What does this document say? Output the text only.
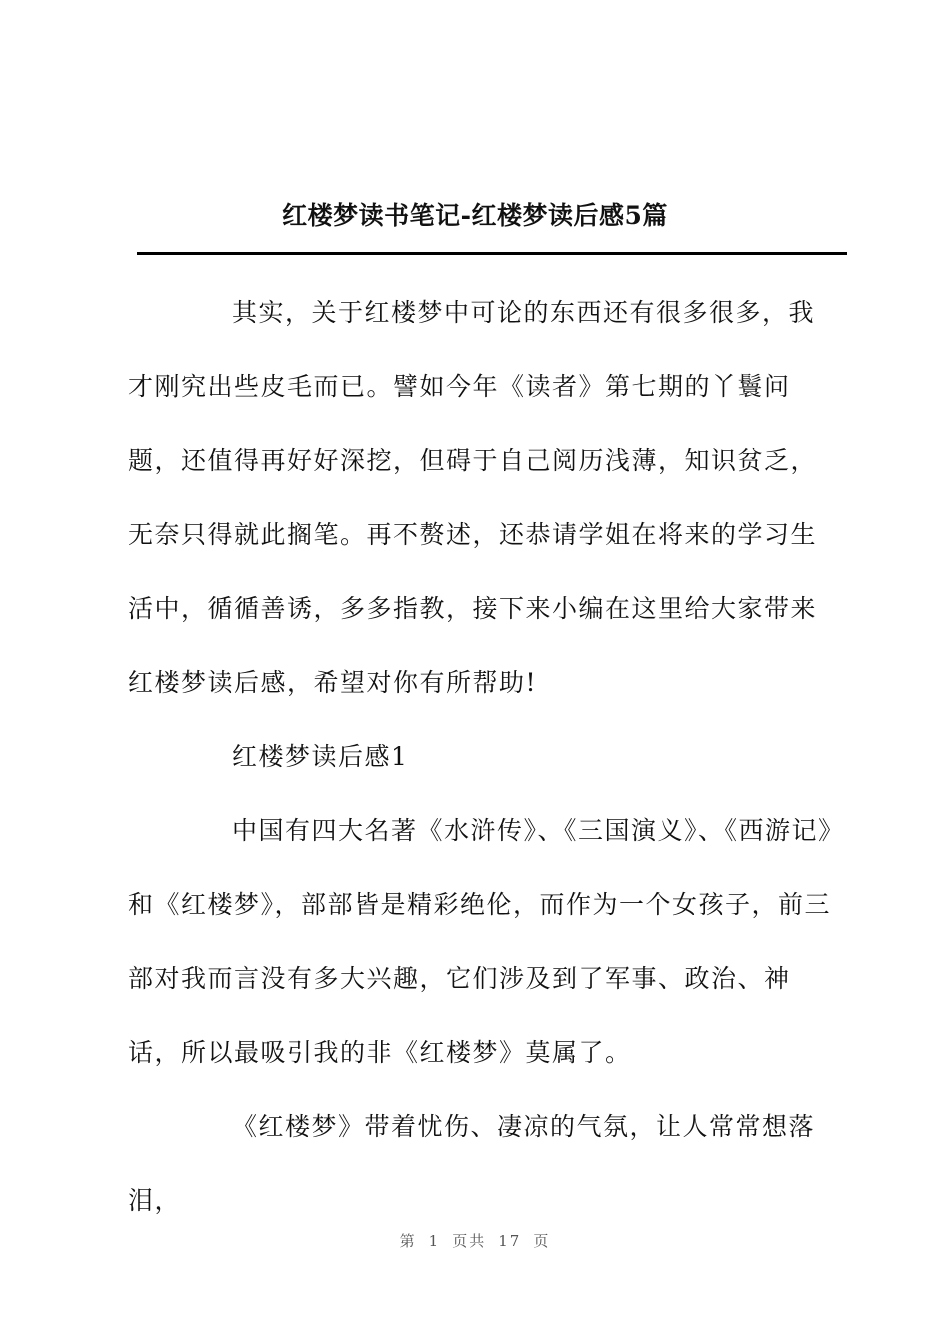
红楼梦读书笔记-红楼梦读后感5篇

其实，关于红楼梦中可论的东西还有很多很多，我才刚究出些皮毛而已。譬如今年《读者》第七期的丫鬟问题，还值得再好好深挖，但碍于自己阅历浅薄，知识贫乏，无奈只得就此搁笔。再不赘述，还恭请学姐在将来的学习生活中，循循善诱，多多指教，接下来小编在这里给大家带来红楼梦读后感，希望对你有所帮助!

红楼梦读后感1

中国有四大名著《水浒传》、《三国演义》、《西游记》和《红楼梦》，部部皆是精彩绝伦，而作为一个女孩子，前三部对我而言没有多大兴趣，它们涉及到了军事、政治、神话，所以最吸引我的非《红楼梦》莫属了。

《红楼梦》带着忧伤、凄凉的气氛，让人常常想落泪，

第 1 页共 17 页
